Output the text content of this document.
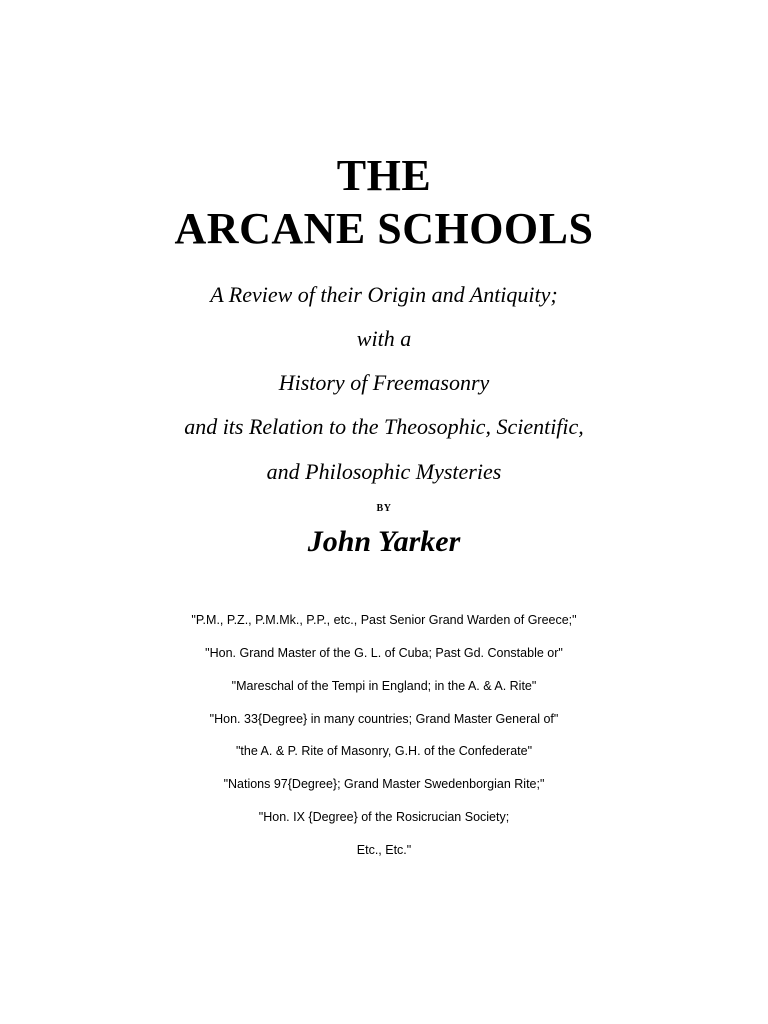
THE
ARCANE SCHOOLS
A Review of their Origin and Antiquity;
with a
History of Freemasonry
and its Relation to the Theosophic, Scientific,
and Philosophic Mysteries
BY
John Yarker
"P.M., P.Z., P.M.Mk., P.P., etc., Past Senior Grand Warden of Greece;"
"Hon. Grand Master of the G. L. of Cuba; Past Gd. Constable or"
"Mareschal of the Tempi in England; in the A. & A. Rite"
"Hon. 33{Degree} in many countries; Grand Master General of"
"the A. & P. Rite of Masonry, G.H. of the Confederate"
"Nations 97{Degree}; Grand Master Swedenborgian Rite;"
"Hon. IX {Degree} of the Rosicrucian Society;
Etc., Etc."
